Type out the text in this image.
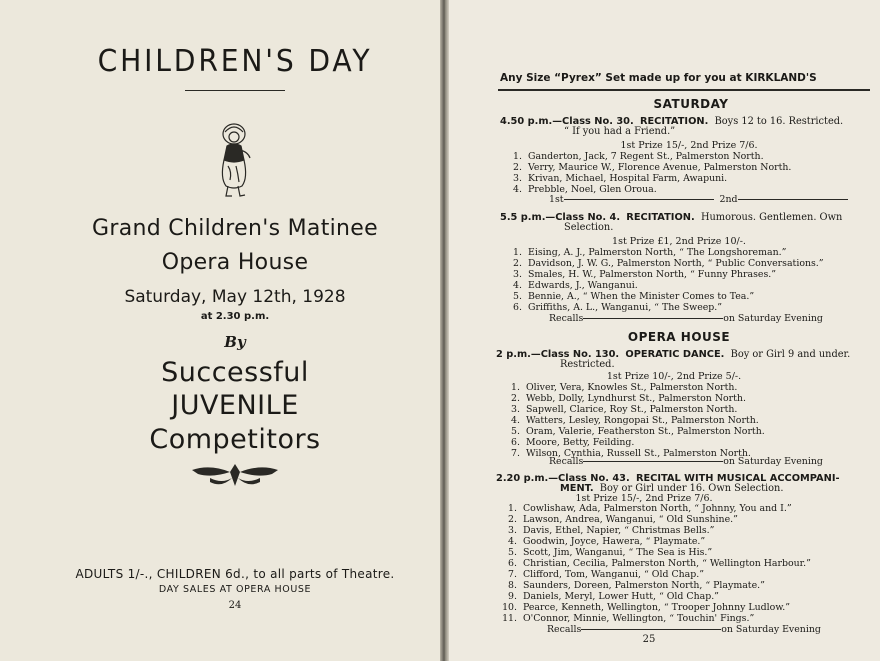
CHILDREN'S DAY
Grand Children's Matinee
Opera House
Saturday, May 12th, 1928
at 2.30 p.m.
By
Successful
JUVENILE
Competitors
ADULTS 1/-., CHILDREN 6d., to all parts of Theatre.
DAY SALES AT OPERA HOUSE
24
Any Size “Pyrex” Set made up for you at KIRKLAND'S
SATURDAY
4.50 p.m.—Class No. 30. RECITATION. Boys 12 to 16. Restricted.
“ If you had a Friend.”
1st Prize 15/-, 2nd Prize 7/6.
1. Ganderton, Jack, 7 Regent St., Palmerston North.
2. Verry, Maurice W., Florence Avenue, Palmerston North.
3. Krivan, Michael, Hospital Farm, Awapuni.
4. Prebble, Noel, Glen Oroua.
1st	2nd
5.5 p.m.—Class No. 4. RECITATION. Humorous. Gentlemen. Own
Selection.
1st Prize £1, 2nd Prize 10/-.
1. Eising, A. J., Palmerston North, “ The Longshoreman.”
2. Davidson, J. W. G., Palmerston North, “ Public Conversations.”
3. Smales, H. W., Palmerston North, “ Funny Phrases.”
4. Edwards, J., Wanganui.
5. Bennie, A., “ When the Minister Comes to Tea.”
6. Griffiths, A. L., Wanganui, “ The Sweep.”
Recalls	on Saturday Evening
OPERA HOUSE
2 p.m.—Class No. 130. OPERATIC DANCE. Boy or Girl 9 and under.
Restricted.
1st Prize 10/-, 2nd Prize 5/-.
1. Oliver, Vera, Knowles St., Palmerston North.
2. Webb, Dolly, Lyndhurst St., Palmerston North.
3. Sapwell, Clarice, Roy St., Palmerston North.
4. Watters, Lesley, Rongopai St., Palmerston North.
5. Oram, Valerie, Featherston St., Palmerston North.
6. Moore, Betty, Feilding.
7. Wilson, Cynthia, Russell St., Palmerston North.
Recalls	on Saturday Evening
2.20 p.m.—Class No. 43. RECITAL WITH MUSICAL ACCOMPANI-
MENT. Boy or Girl under 16. Own Selection.
1st Prize 15/-, 2nd Prize 7/6.
1. Cowlishaw, Ada, Palmerston North, “ Johnny, You and I.”
2. Lawson, Andrea, Wanganui, “ Old Sunshine.”
3. Davis, Ethel, Napier, “ Christmas Bells.”
4. Goodwin, Joyce, Hawera, “ Playmate.”
5. Scott, Jim, Wanganui, “ The Sea is His.”
6. Christian, Cecilia, Palmerston North, “ Wellington Harbour.”
7. Clifford, Tom, Wanganui, “ Old Chap.”
8. Saunders, Doreen, Palmerston North, “ Playmate.”
9. Daniels, Meryl, Lower Hutt, “ Old Chap.”
10. Pearce, Kenneth, Wellington, “ Trooper Johnny Ludlow.”
11. O'Connor, Minnie, Wellington, “ Touchin' Fings.”
Recalls	on Saturday Evening
25
